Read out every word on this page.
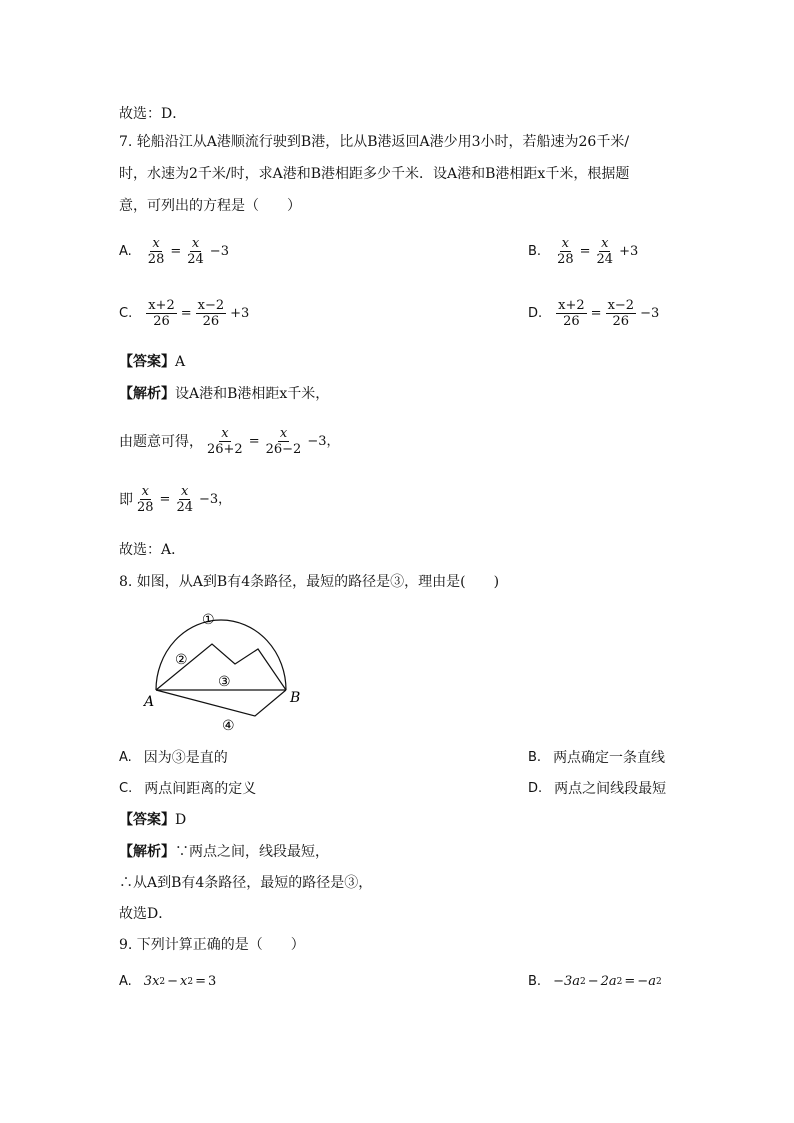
故选：D．
7. 轮船沿江从A港顺流行驶到B港，比从B港返回A港少用3小时，若船速为26千米/
时，水速为2千米/时，求A港和B港相距多少千米．设A港和B港相距x千米，根据题
意，可列出的方程是（　　）
A. $\frac{x}{28} = \frac{x}{24} -3$	B. $\frac{x}{28} = \frac{x}{24} +3$
C. $\frac{x+2}{26} = \frac{x-2}{26} +3$	D. $\frac{x+2}{26} = \frac{x-2}{26} -3$
【答案】A
【解析】设A港和B港相距x千米，
由题意可得， $\frac{x}{26+2} = \frac{x}{26-2} -3$，
即 $\frac{x}{28} = \frac{x}{24} -3$，
故选：A．
8. 如图，从A到B有4条路径，最短的路径是③，理由是(　　)
①
②
③
④
A	B
A. 因为③是直的	B. 两点确定一条直线
C. 两点间距离的定义	D. 两点之间线段最短
【答案】D
【解析】∵两点之间，线段最短，
∴从A到B有4条路径，最短的路径是③，
故选D．
9. 下列计算正确的是（　　）
A. 3x 2 − x 2 = 3	B. −3a 2 − 2a 2 = −a 2
